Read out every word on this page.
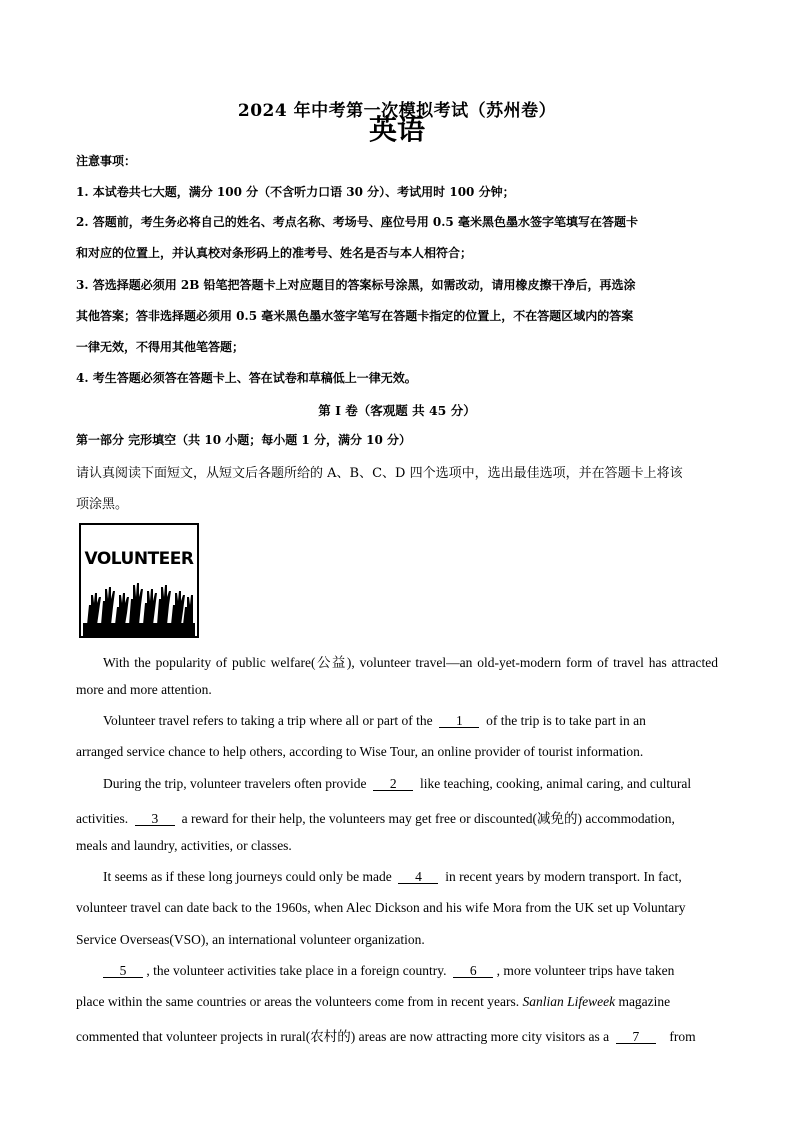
2024 年中考第一次模拟考试（苏州卷）
英语
注意事项：
1. 本试卷共七大题，满分 100 分（不含听力口语 30 分）、考试用时 100 分钟；
2. 答题前，考生务必将自己的姓名、考点名称、考场号、座位号用 0.5 毫米黑色墨水签字笔填写在答题卡
和对应的位置上，并认真校对条形码上的准考号、姓名是否与本人相符合；
3. 答选择题必须用 2B 铅笔把答题卡上对应题目的答案标号涂黑，如需改动，请用橡皮擦干净后，再选涂
其他答案；答非选择题必须用 0.5 毫米黑色墨水签字笔写在答题卡指定的位置上，不在答题区域内的答案
一律无效，不得用其他笔答题；
4. 考生答题必须答在答题卡上、答在试卷和草稿低上一律无效。
第 I 卷（客观题 共 45 分）
第一部分 完形填空（共 10 小题；每小题 1 分，满分 10 分）
请认真阅读下面短文，从短文后各题所给的 A、B、C、D 四个选项中，选出最佳选项，并在答题卡上将该
项涂黑。
VOLUNTEER
With the popularity of public welfare(公益), volunteer travel—an old-yet-modern form of travel has attracted
more and more attention.
Volunteer travel refers to taking a trip where all or part of the 1 of the trip is to take part in an
arranged service chance to help others, according to Wise Tour, an online provider of tourist information.
During the trip, volunteer travelers often provide 2 like teaching, cooking, animal caring, and cultural
activities. 3 a reward for their help, the volunteers may get free or discounted(减免的) accommodation,
meals and laundry, activities, or classes.
It seems as if these long journeys could only be made 4 in recent years by modern transport. In fact,
volunteer travel can date back to the 1960s, when Alec Dickson and his wife Mora from the UK set up Voluntary
Service Overseas(VSO), an international volunteer organization.
5 , the volunteer activities take place in a foreign country. 6 , more volunteer trips have taken
place within the same countries or areas the volunteers come from in recent years. Sanlian Lifeweek magazine
commented that volunteer projects in rural(农村的) areas are now attracting more city visitors as a 7 from
